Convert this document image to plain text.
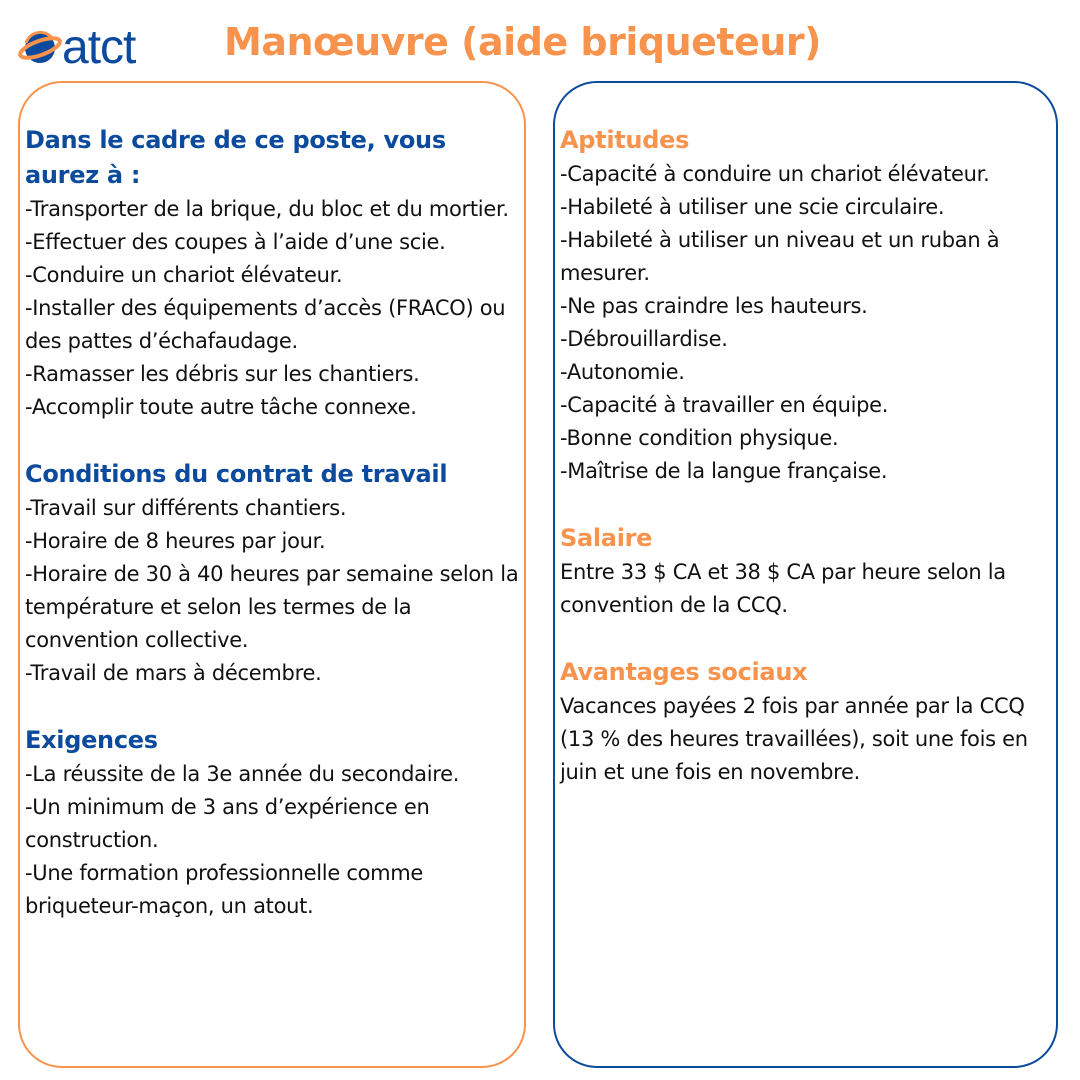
atct Manœuvre (aide briqueteur)

Dans le cadre de ce poste, vous aurez à :

-Transporter de la brique, du bloc et du mortier.

-Effectuer des coupes à l’aide d’une scie.

-Conduire un chariot élévateur.

-Installer des équipements d’accès (FRACO) ou des pattes d’échafaudage.

-Ramasser les débris sur les chantiers.

-Accomplir toute autre tâche connexe.

Conditions du contrat de travail

-Travail sur différents chantiers.

-Horaire de 8 heures par jour.

-Horaire de 30 à 40 heures par semaine selon la température et selon les termes de la convention collective.

-Travail de mars à décembre.

Exigences

-La réussite de la 3e année du secondaire.

-Un minimum de 3 ans d’expérience en construction.

-Une formation professionnelle comme briqueteur-maçon, un atout.

Aptitudes

-Capacité à conduire un chariot élévateur.

-Habileté à utiliser une scie circulaire.

-Habileté à utiliser un niveau et un ruban à mesurer.

-Ne pas craindre les hauteurs.

-Débrouillardise.

-Autonomie.

-Capacité à travailler en équipe.

-Bonne condition physique.

-Maîtrise de la langue française.

Salaire

Entre 33 $ CA et 38 $ CA par heure selon la convention de la CCQ.

Avantages sociaux

Vacances payées 2 fois par année par la CCQ (13 % des heures travaillées), soit une fois en juin et une fois en novembre.
